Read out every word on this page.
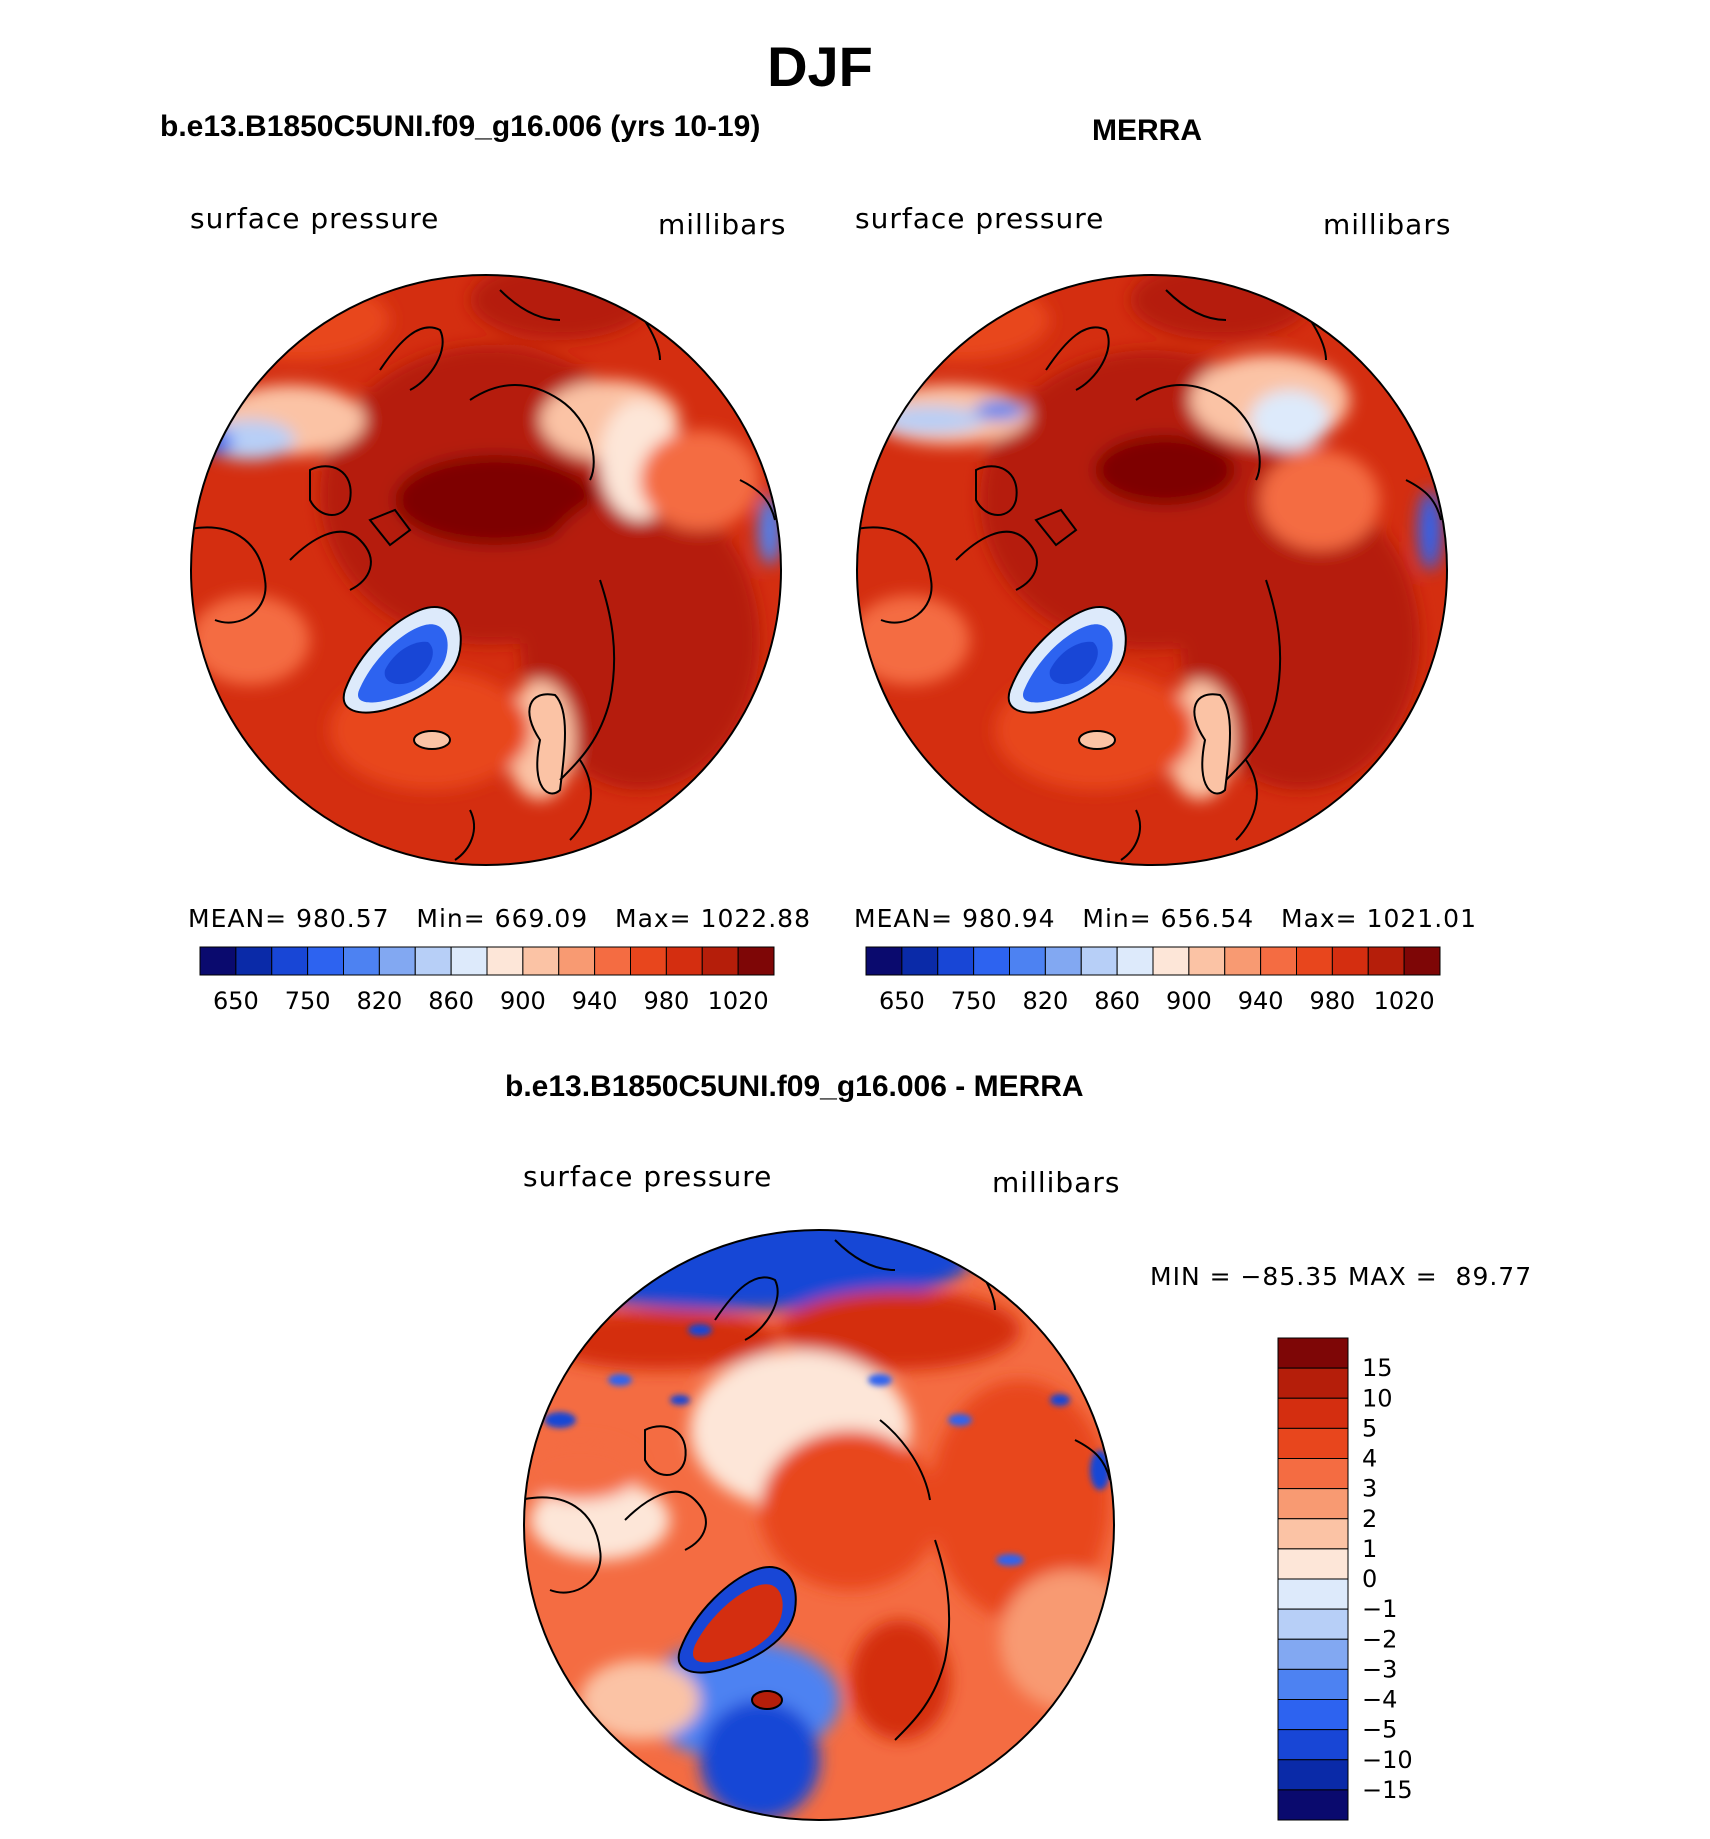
DJF
b.e13.B1850C5UNI.f09_g16.006 (yrs 10-19)	MERRA
surface pressure	millibars surface pressure	millibars
650 750 820 860 900 940 980 1020	650 750 820 860 900 940 980 1020
15
10
5
4
3
2
1
0
−1
−2
−3
−4
−5
−10
−15
MEAN= 980.57 Min= 669.09 Max= 1022.88 MEAN= 980.94 Min= 656.54 Max= 1021.01
b.e13.B1850C5UNI.f09_g16.006 - MERRA
surface pressure	millibars
MIN = −85.35 MAX =  89.77
